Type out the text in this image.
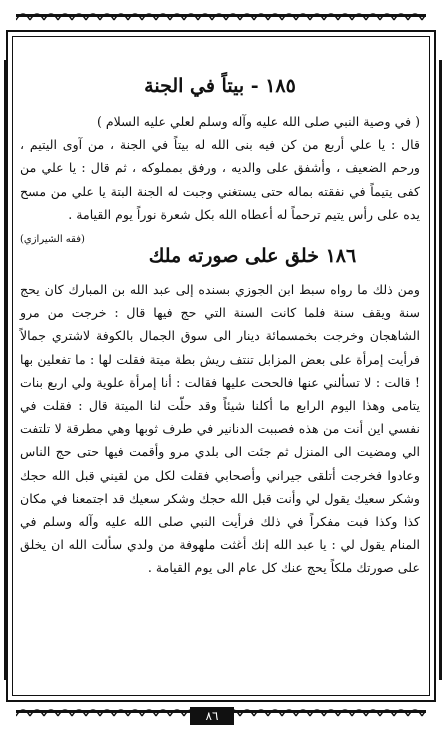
١٨٥ - بيتاً في الجنة

( في وصية النبي صلى الله عليه وآله وسلم لعلي عليه السلام )

قال : يا علي أربع من كن فيه بنى الله له بيتاً في الجنة ، من آوى اليتيم ، ورحم الضعيف ، وأشفق على والديه ، ورفق بمملوكه ، ثم قال : يا علي من كفى يتيماً في نفقته بماله حتى يستغني وجبت له الجنة البتة يا علي من مسح يده على رأس يتيم ترحماً له أعطاه الله بكل شعرة نوراً يوم القيامة .
(فقه الشيرازي)

١٨٦ خلق على صورته ملك

ومن ذلك ما رواه سبط ابن الجوزي بسنده إلى عبد الله بن المبارك كان يحج سنة ويقف سنة فلما كانت السنة التي حج فيها قال : خرجت من مرو الشاهجان وخرجت بخمسمائة دينار الى سوق الجمال بالكوفة لاشتري جمالاً فرأيت إمرأة على بعض المزابل تنتف ريش بطة ميتة فقلت لها : ما تفعلين بها ! قالت : لا تسألني عنها فالححت عليها فقالت : أنا إمرأة علوية ولي اربع بنات يتامى وهذا اليوم الرابع ما أكلنا شيئاً وقد حلّت لنا الميتة قال : فقلت في نفسي اين أنت من هذه فصببت الدنانير في طرف ثوبها وهي مطرقة لا تلتفت الي ومضيت الى المنزل ثم جئت الى بلدي مرو وأقمت فيها حتى حج الناس وعادوا فخرجت أتلقى جيراني وأصحابي فقلت لكل من لقيني قبل الله حجك وشكر سعيك يقول لي وأنت قبل الله حجك وشكر سعيك قد اجتمعنا في مكان كذا وكذا فبت مفكراً في ذلك فرأيت النبي صلى الله عليه وآله وسلم في المنام يقول لي : يا عبد الله إنك أغثت ملهوفة من ولدي سألت الله ان يخلق على صورتك ملكاً يحج عنك كل عام الى يوم القيامة .

٨٦
